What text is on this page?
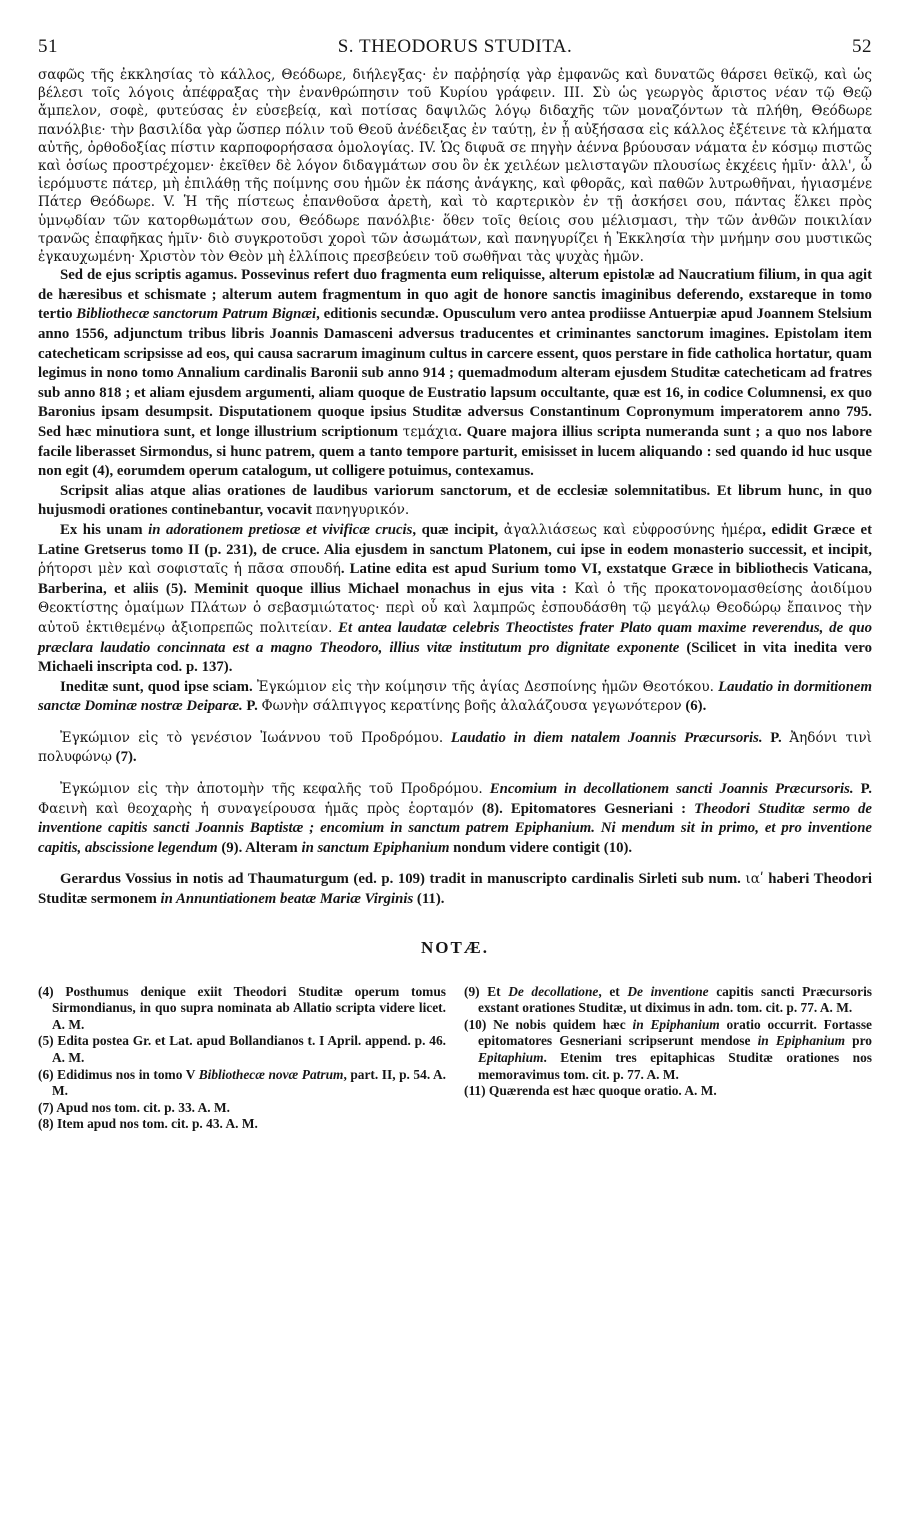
51	S. THEODORUS STUDITA.	52

σαφῶς τῆς ἐκκλησίας τὸ κάλλος, Θεόδωρε, διήλεγξας· ἐν παῤῥησίᾳ γὰρ ἐμφανῶς καὶ δυνατῶς θάρσει θεϊκῷ, καὶ ὡς βέλεσι τοῖς λόγοις ἀπέφραξας τὴν ἐνανθρώπησιν τοῦ Κυρίου γράφειν. III. Σὺ ὡς γεωργὸς ἄριστος νέαν τῷ Θεῷ ἄμπελον, σοφὲ, φυτεύσας ἐν εὐσεβείᾳ, καὶ ποτίσας δαψιλῶς λόγῳ διδαχῆς τῶν μοναζόντων τὰ πλήθη, Θεόδωρε πανόλβιε· τὴν βασιλίδα γὰρ ὥσπερ πόλιν τοῦ Θεοῦ ἀνέδειξας ἐν ταύτῃ, ἐν ᾗ αὐξήσασα εἰς κάλλος ἐξέτεινε τὰ κλήματα αὐτῆς, ὀρθοδοξίας πίστιν καρποφορήσασα ὁμολογίας. IV. Ὡς διφυᾶ σε πηγὴν ἀέννα βρύουσαν νάματα ἐν κόσμῳ πιστῶς καὶ ὁσίως προστρέχομεν· ἐκεῖθεν δὲ λόγον διδαγμάτων σου ὃν ἐκ χειλέων μελισταγῶν πλουσίως ἐκχέεις ἡμῖν· ἀλλ', ὦ ἱερόμυστε πάτερ, μὴ ἐπιλάθῃ τῆς ποίμνης σου ἡμῶν ἐκ πάσης ἀνάγκης, καὶ φθορᾶς, καὶ παθῶν λυτρωθῆναι, ἡγιασμένε Πάτερ Θεόδωρε. V. Ἡ τῆς πίστεως ἐπανθοῦσα ἀρετὴ, καὶ τὸ καρτερικὸν ἐν τῇ ἀσκήσει σου, πάντας ἕλκει πρὸς ὑμνῳδίαν τῶν κατορθωμάτων σου, Θεόδωρε πανόλβιε· ὅθεν τοῖς θείοις σου μέλισμασι, τὴν τῶν ἀνθῶν ποικιλίαν τρανῶς ἐπαφῆκας ἡμῖν· διὸ συγκροτοῦσι χοροὶ τῶν ἀσωμάτων, καὶ πανηγυρίζει ἡ Ἐκκλησία τὴν μνήμην σου μυστικῶς ἐγκαυχωμένη· Χριστὸν τὸν Θεὸν μὴ ἐλλίποις πρεσβεύειν τοῦ σωθῆναι τὰς ψυχὰς ἡμῶν.

Sed de ejus scriptis agamus. Possevinus refert duo fragmenta eum reliquisse, alterum epistolæ ad Naucratium filium, in qua agit de hæresibus et schismate ; alterum autem fragmentum in quo agit de honore sanctis imaginibus deferendo, exstareque in tomo tertio Bibliothecæ sanctorum Patrum Bignæi, editionis secundæ. Opusculum vero antea prodiisse Antuerpiæ apud Joannem Stelsium anno 1556, adjunctum tribus libris Joannis Damasceni adversus traducentes et criminantes sanctorum imagines. Epistolam item catecheticam scripsisse ad eos, qui causa sacrarum imaginum cultus in carcere essent, quos perstare in fide catholica hortatur, quam legimus in nono tomo Annalium cardinalis Baronii sub anno 914 ; quemadmodum alteram ejusdem Studitæ catecheticam ad fratres sub anno 818 ; et aliam ejusdem argumenti, aliam quoque de Eustratio lapsum occultante, quæ est 16, in codice Columnensi, ex quo Baronius ipsam desumpsit. Disputationem quoque ipsius Studitæ adversus Constantinum Copronymum imperatorem anno 795. Sed hæc minutiora sunt, et longe illustrium scriptionum τεμάχια. Quare majora illius scripta numeranda sunt ; a quo nos labore facile liberasset Sirmondus, si hunc patrem, quem a tanto tempore parturit, emisisset in lucem aliquando : sed quando id huc usque non egit (4), eorumdem operum catalogum, ut colligere potuimus, contexamus.

Scripsit alias atque alias orationes de laudibus variorum sanctorum, et de ecclesiæ solemnitatibus. Et librum hunc, in quo hujusmodi orationes continebantur, vocavit πανηγυρικόν.

Ex his unam in adorationem pretiosæ et vivificæ crucis, quæ incipit, ἀγαλλιάσεως καὶ εὐφροσύνης ἡμέρα, edidit Græce et Latine Gretserus tomo II (p. 231), de cruce. Alia ejusdem in sanctum Platonem, cui ipse in eodem monasterio successit, et incipit, ῥήτορσι μὲν καὶ σοφισταῖς ἡ πᾶσα σπουδή. Latine edita est apud Surium tomo VI, exstatque Græce in bibliothecis Vaticana, Barberina, et aliis (5). Meminit quoque illius Michael monachus in ejus vita : Καὶ ὁ τῆς προκατονομασθείσης ἀοιδίμου Θεοκτίστης ὁμαίμων Πλάτων ὁ σεβασμιώτατος· περὶ οὗ καὶ λαμπρῶς ἐσπουδάσθη τῷ μεγάλῳ Θεοδώρῳ ἔπαινος τὴν αὐτοῦ ἐκτιθεμένῳ ἀξιοπρεπῶς πολιτείαν. Et antea laudatæ celebris Theoctistes frater Plato quam maxime reverendus, de quo præclara laudatio concinnata est a magno Theodoro, illius vitæ institutum pro dignitate exponente (Scilicet in vita inedita vero Michaeli inscripta cod. p. 137).

Ineditæ sunt, quod ipse sciam. Ἐγκώμιον εἰς τὴν κοίμησιν τῆς ἁγίας Δεσποίνης ἡμῶν Θεοτόκου. Laudatio in dormitionem sanctæ Dominæ nostræ Deiparæ. P. Φωνὴν σάλπιγγος κερατίνης βοῆς ἀλαλάζουσα γεγωνότερον (6).

Ἐγκώμιον εἰς τὸ γενέσιον Ἰωάννου τοῦ Προδρόμου. Laudatio in diem natalem Joannis Præcursoris. P. Ἀηδόνι τινὶ πολυφώνῳ (7).

Ἐγκώμιον εἰς τὴν ἀποτομὴν τῆς κεφαλῆς τοῦ Προδρόμου. Encomium in decollationem sancti Joannis Præcursoris. P. Φαεινὴ καὶ θεοχαρὴς ἡ συναγείρουσα ἡμᾶς πρὸς ἑορταμόν (8). Epitomatores Gesneriani : Theodori Studitæ sermo de inventione capitis sancti Joannis Baptistæ ; encomium in sanctum patrem Epiphanium. Ni mendum sit in primo, et pro inventione capitis, abscissione legendum (9). Alteram in sanctum Epiphanium nondum videre contigit (10).

Gerardus Vossius in notis ad Thaumaturgum (ed. p. 109) tradit in manuscripto cardinalis Sirleti sub num. ιαʹ haberi Theodori Studitæ sermonem in Annuntiationem beatæ Mariæ Virginis (11).

NOTÆ.

(4) Posthumus denique exiit Theodori Studitæ operum tomus Sirmondianus, in quo supra nominata ab Allatio scripta videre licet. A. M.

(5) Edita postea Gr. et Lat. apud Bollandianos t. I April. append. p. 46. A. M.

(6) Edidimus nos in tomo V Bibliothecæ novæ Patrum, part. II, p. 54. A. M.

(7) Apud nos tom. cit. p. 33. A. M.

(8) Item apud nos tom. cit. p. 43. A. M.

(9) Et De decollatione, et De inventione capitis sancti Præcursoris exstant orationes Studitæ, ut diximus in adn. tom. cit. p. 77. A. M.

(10) Ne nobis quidem hæc in Epiphanium oratio occurrit. Fortasse epitomatores Gesneriani scripserunt mendose in Epiphanium pro Epitaphium. Etenim tres epitaphicas Studitæ orationes nos memoravimus tom. cit. p. 77. A. M.

(11) Quærenda est hæc quoque oratio. A. M.
